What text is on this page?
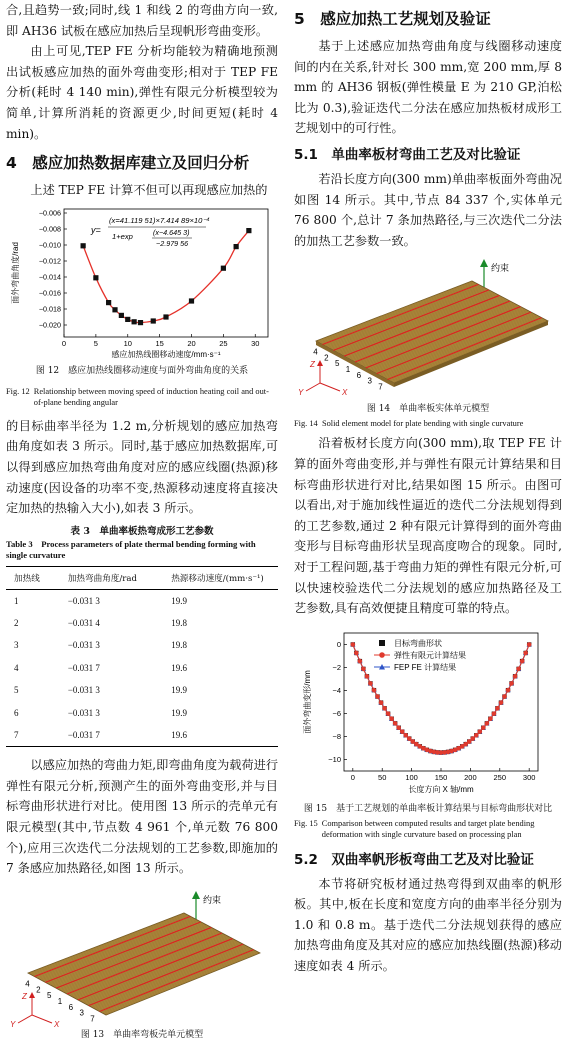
合,且趋势一致;同时,线 1 和线 2 的弯曲方向一致,即 AH36 试板在感应加热后呈现帆形弯曲变形。

由上可见,TEP FE 分析均能较为精确地预测出试板感应加热的面外弯曲变形;相对于 TEP FE 分析(耗时 4 140 min),弹性有限元分析模型较为简单,计算所消耗的资源更少,时间更短(耗时 4 min)。

4　感应加热数据库建立及回归分析

上述 TEP FE 计算不但可以再现感应加热的

0	5	10	15	20	25	30
−0.020
−0.018
−0.016
−0.014
−0.012
−0.010
−0.008
−0.006
感应加热线圈移动速度/mm·s⁻¹
面外弯曲角度/rad
y=
(x=41.119 51)×7.414 89×10⁻⁴
1+exp	(x−4.645 3)
−2.979 56
图 12　感应加热线圈移动速度与面外弯曲角度的关系
Fig. 12 Relationship between moving speed of induction heating coil and out-of-plane bending angular

的目标曲率半径为 1.2 m,分析规划的感应加热弯曲角度如表 3 所示。同时,基于感应加热数据库,可以得到感应加热弯曲角度对应的感应线圈(热源)移动速度(因设备的功率不变,热源移动速度将直接决定加热的热输入大小),如表 3 所示。

表 3　单曲率板热弯成形工艺参数
Table 3　Process parameters of plate thermal bending forming with single curvature
加热线	加热弯曲角度/rad	热源移动速度/(mm·s⁻¹)
1	−0.031 3	19.9
2	−0.031 4	19.8
3	−0.031 3	19.8
4	−0.031 7	19.6
5	−0.031 3	19.9
6	−0.031 3	19.9
7	−0.031 7	19.6

以感应加热的弯曲力矩,即弯曲角度为载荷进行弹性有限元分析,预测产生的面外弯曲变形,并与目标弯曲形状进行对比。使用图 13 所示的壳单元有限元模型(其中,节点数 4 961 个,单元数 76 800 个),应用三次迭代二分法规划的工艺参数,即施加的 7 条感应加热路径,如图 13 所示。

4
2
5
1
6
3
7
约束
Z
X
Y
图 13　单曲率弯板壳单元模型
5　感应加热工艺规划及验证

基于上述感应加热弯曲角度与线圈移动速度间的内在关系,针对长 300 mm,宽 200 mm,厚 8 mm 的 AH36 钢板(弹性模量 E 为 210 GP,泊松比为 0.3),验证迭代二分法在感应加热板材成形工艺规划中的可行性。

5.1　单曲率板材弯曲工艺及对比验证

若沿长度方向(300 mm)单曲率板面外弯曲况如图 14 所示。其中,节点 84 337 个,实体单元 76 800 个,总计 7 条加热路径,与三次迭代二分法的加热工艺参数一致。

4
2
5
1
6
3
7
约束
Z
X
Y
图 14　单曲率板实体单元模型
Fig. 14 Solid element model for plate bending with single curvature

沿着板材长度方向(300 mm),取 TEP FE 计算的面外弯曲变形,并与弹性有限元计算结果和目标弯曲形状进行对比,结果如图 15 所示。由图可以看出,对于施加线性逼近的迭代二分法规划得到的工艺参数,通过 2 种有限元计算得到的面外弯曲变形与目标弯曲形状呈现高度吻合的现象。同时,对于工程问题,基于弯曲力矩的弹性有限元分析,可以快速校验迭代二分法规划的感应加热路径及工艺参数,具有高效便捷且精度可靠的特点。

0	50	100 150 200 250 300
0
−2
−4
−6
−8
−10
长度方向 X 轴/mm
面外弯曲变形/mm
目标弯曲形状
弹性有限元计算结果
FEP FE 计算结果
图 15　基于工艺规划的单曲率板计算结果与目标弯曲形状对比
Fig. 15 Comparison between computed results and target plate bending deformation with single curvature based on processing plan
5.2　双曲率帆形板弯曲工艺及对比验证

本节将研究板材通过热弯得到双曲率的帆形板。其中,板在长度和宽度方向的曲率半径分别为 1.0 和 0.8 m。基于迭代二分法规划获得的感应加热弯曲角度及其对应的感应加热线圈(热源)移动速度如表 4 所示。
